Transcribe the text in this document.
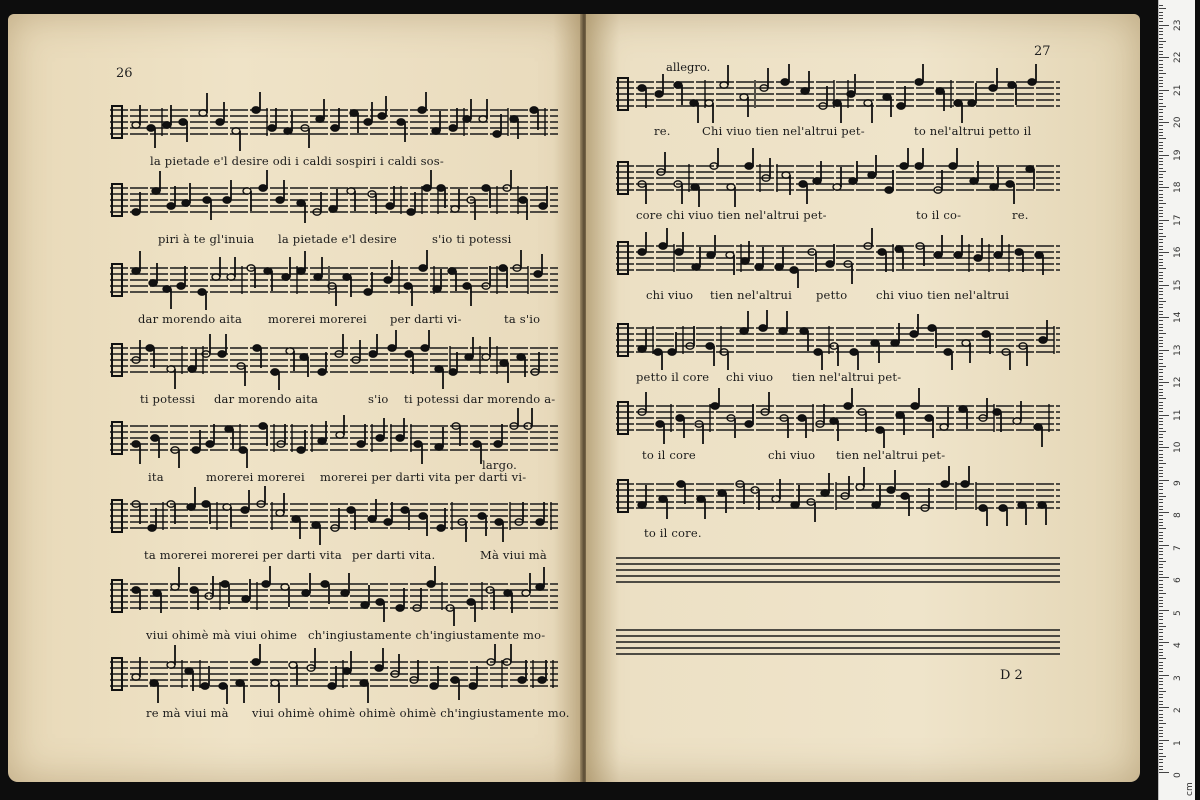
26
la pietade e'l desire odi i caldi sospiri i caldi sos-
piri à te gl'inuia la pietade e'l desire	s'io ti potessi
dar morendo aita morerei morerei per darti vi-	ta s'io
ti potessi dar morendo aita	s'io ti potessi dar morendo a-
ita	morerei morerei morerei per darti vita per darti vi-
largo.
ta morerei morerei per darti vita per darti vita.	Mà viui mà
viui ohimè mà viui ohime ch'ingiustamente ch'ingiustamente mo-
re mà viui mà viui ohimè ohimè ohimè ohimè ch'ingiustamente mo.
27
allegro.
re.	Chi viuo tien nel'altrui pet-	to nel'altrui petto il
core chi viuo tien nel'altrui pet-	to il co-	re.
chi viuo tien nel'altrui petto chi viuo tien nel'altrui
petto il core chi viuo tien nel'altrui pet-
to il core	chi viuo tien nel'altrui pet-
to il core.
D 2
0
1
2
3
4
5
6
7
8
9
10
11
12
13
14
15
16
17
18
19
20
21
22
23
cm
